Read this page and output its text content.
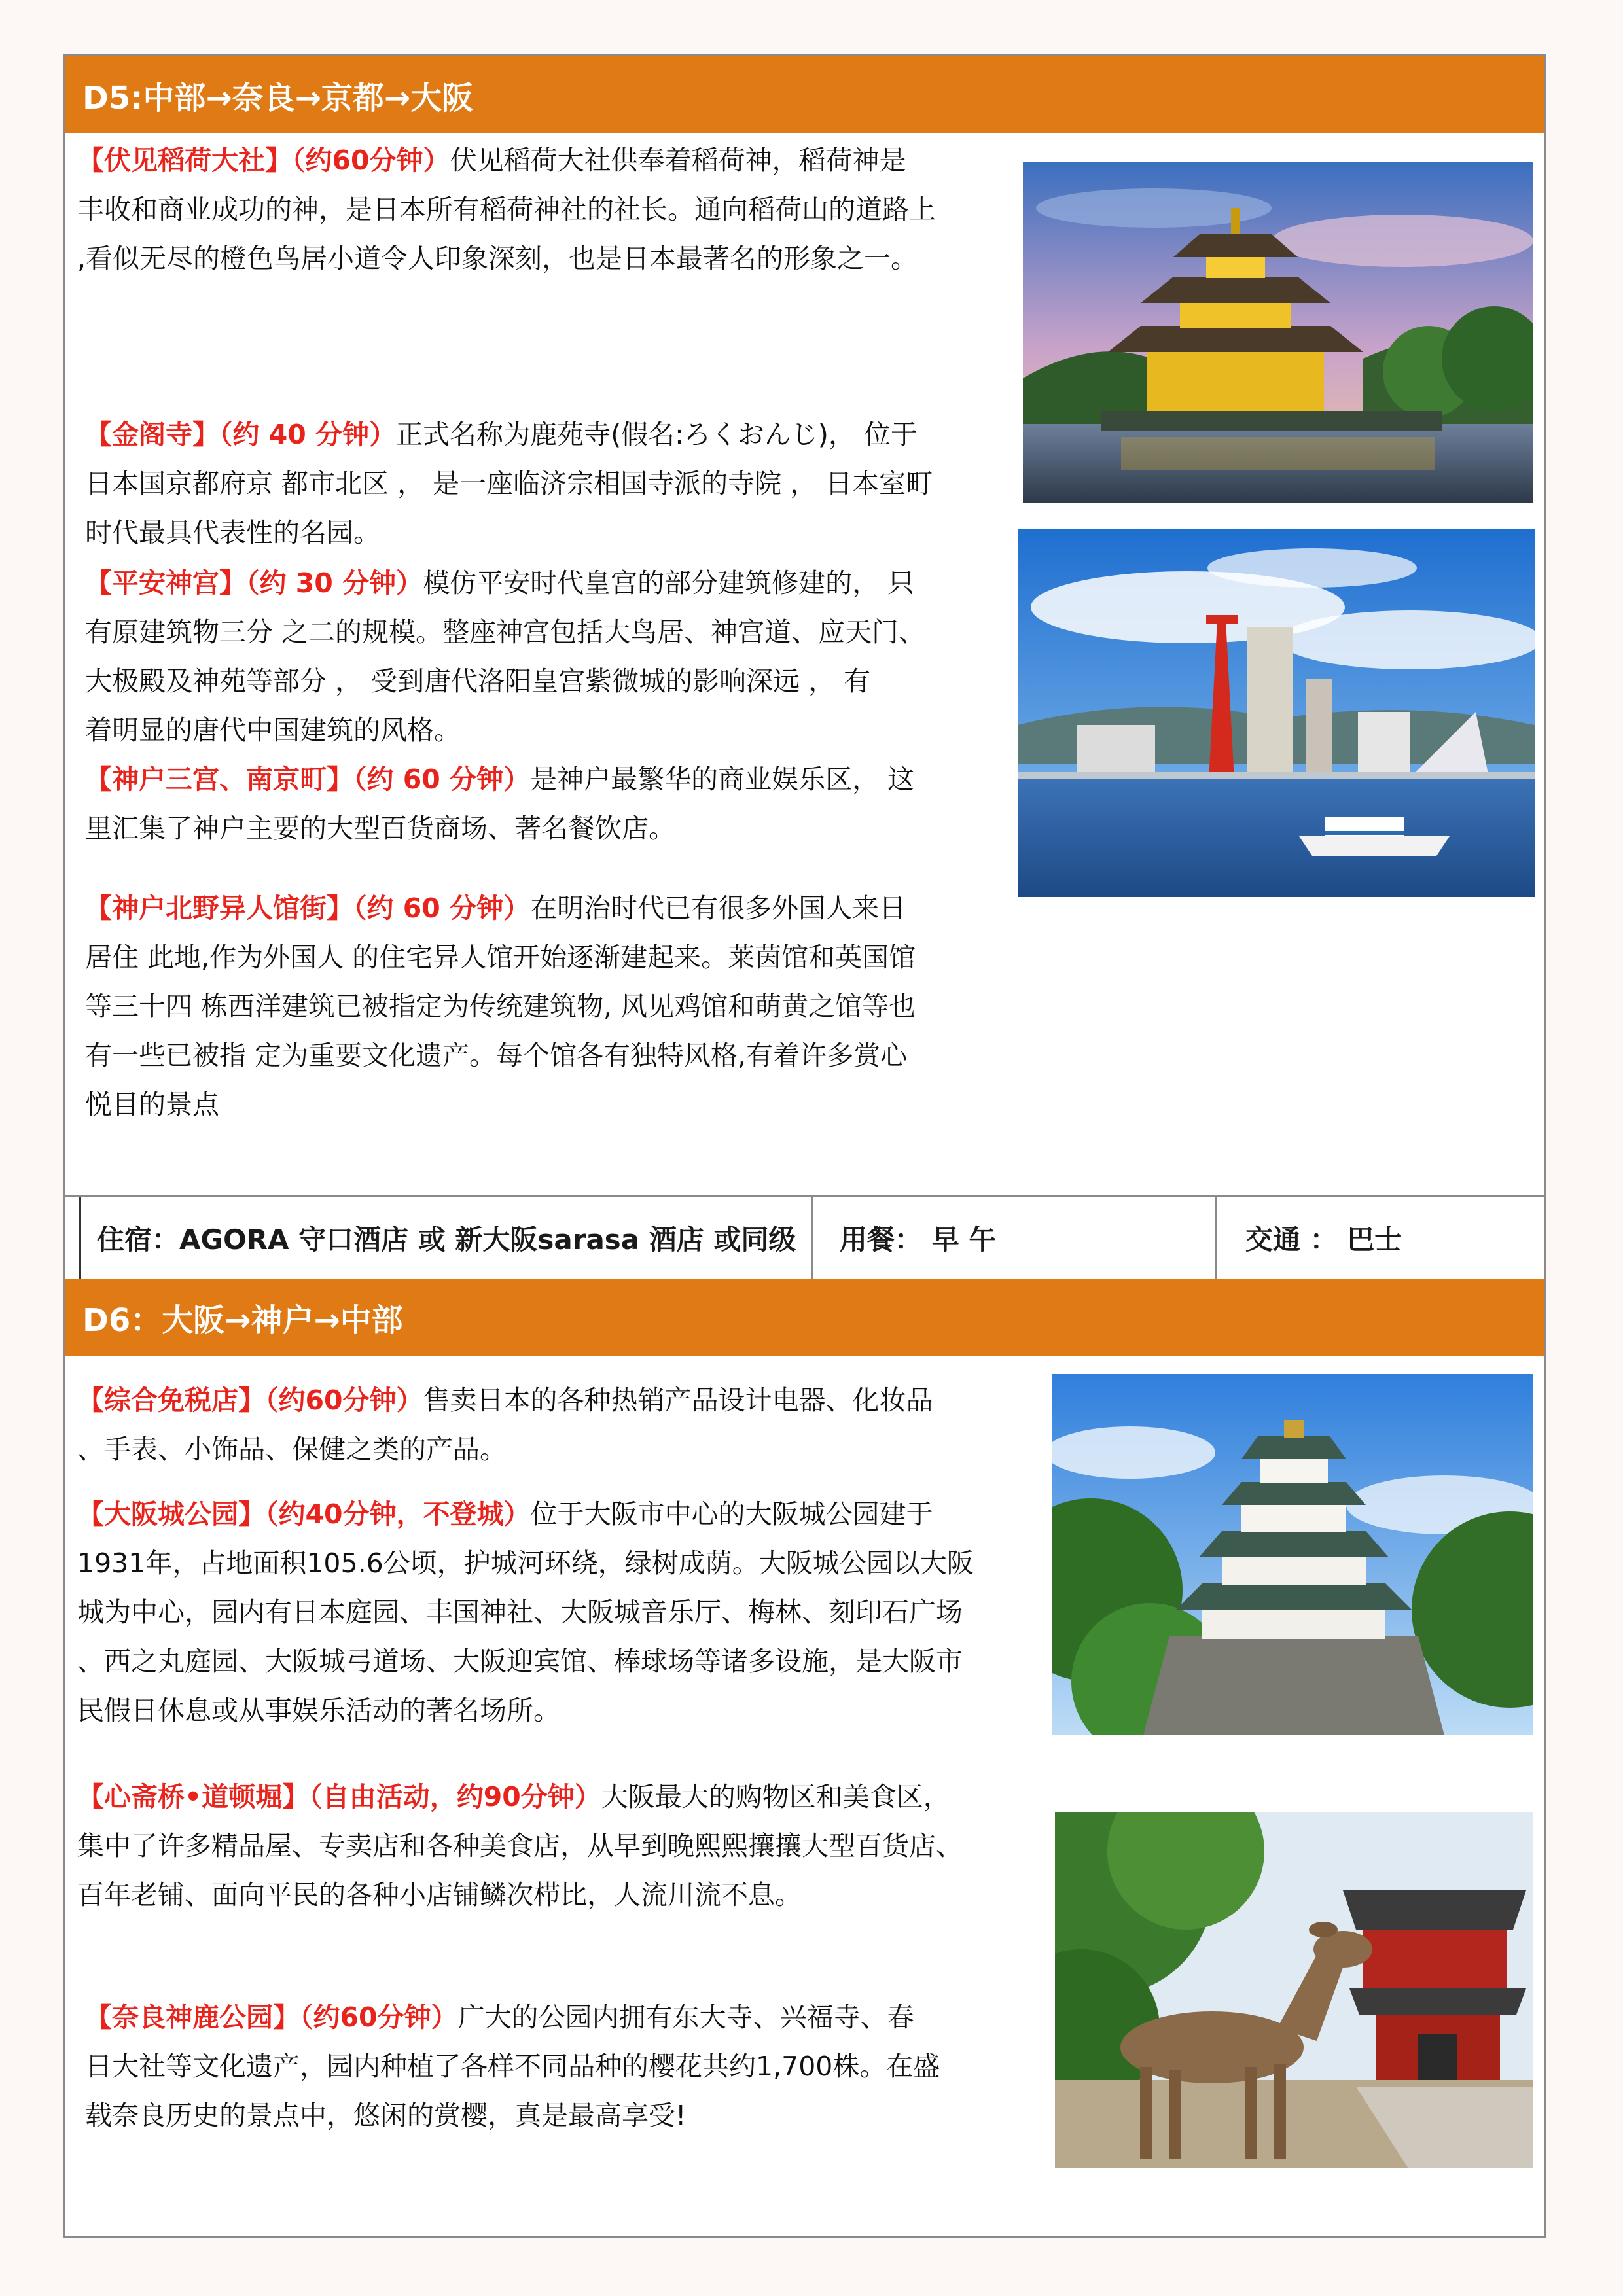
D5:中部→奈良→京都→大阪

【伏见稻荷大社】（约60分钟）伏见稻荷大社供奉着稻荷神，稻荷神是

丰收和商业成功的神，是日本所有稻荷神社的社长。通向稻荷山的道路上

,看似无尽的橙色鸟居小道令人印象深刻，也是日本最著名的形象之一。

【金阁寺】（约 40 分钟）正式名称为鹿苑寺(假名:ろくおんじ)， 位于

日本国京都府京 都市北区 ， 是一座临济宗相国寺派的寺院 ， 日本室町

时代最具代表性的名园。

【平安神宫】（约 30 分钟）模仿平安时代皇宫的部分建筑修建的， 只

有原建筑物三分 之二的规模。整座神宫包括大鸟居、神宫道、应天门、

大极殿及神苑等部分 ， 受到唐代洛阳皇宫紫微城的影响深远 ， 有

着明显的唐代中国建筑的风格。

【神户三宫、南京町】（约 60 分钟）是神户最繁华的商业娱乐区， 这

里汇集了神户主要的大型百货商场、著名餐饮店。

【神户北野异人馆街】（约 60 分钟）在明治时代已有很多外国人来日

居住 此地,作为外国人 的住宅异人馆开始逐渐建起来。莱茵馆和英国馆

等三十四 栋西洋建筑已被指定为传统建筑物, 风见鸡馆和萌黄之馆等也

有一些已被指 定为重要文化遗产。每个馆各有独特风格,有着许多赏心

悦目的景点

住宿：AGORA 守口酒店 或 新大阪sarasa 酒店 或同级 用餐： 早 午	交通 ： 巴士
D6：大阪→神户→中部

【综合免税店】（约60分钟）售卖日本的各种热销产品设计电器、化妆品

、手表、小饰品、保健之类的产品。

【大阪城公园】（约40分钟，不登城）位于大阪市中心的大阪城公园建于

1931年，占地面积105.6公顷，护城河环绕，绿树成荫。大阪城公园以大阪

城为中心，园内有日本庭园、丰国神社、大阪城音乐厅、梅林、刻印石广场

、西之丸庭园、大阪城弓道场、大阪迎宾馆、棒球场等诸多设施，是大阪市

民假日休息或从事娱乐活动的著名场所。

【心斋桥•道顿堀】（自由活动，约90分钟）大阪最大的购物区和美食区，

集中了许多精品屋、专卖店和各种美食店，从早到晚熙熙攘攘大型百货店、

百年老铺、面向平民的各种小店铺鳞次栉比，人流川流不息。

【奈良神鹿公园】（约60分钟）广大的公园内拥有东大寺、兴福寺、春

日大社等文化遗产，园内种植了各样不同品种的樱花共约1,700株。在盛

载奈良历史的景点中，悠闲的赏樱，真是最高享受!
